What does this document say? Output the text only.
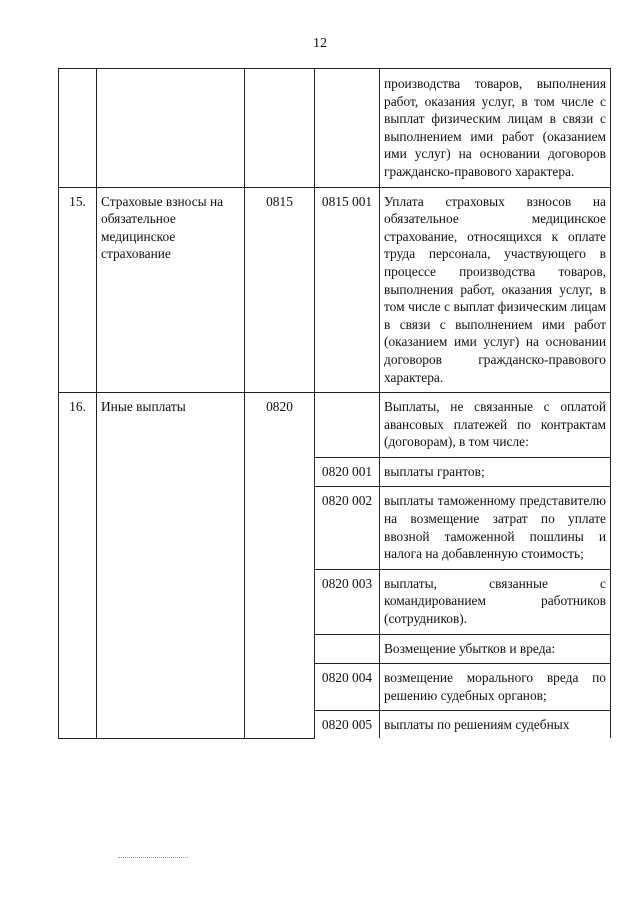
12
				производства товаров, выполнения работ, оказания услуг, в том числе с выплат физическим лицам в связи с выполнением ими работ (оказанием ими услуг) на основании договоров гражданско-правового характера.
15.	Страховые взносы на обязательное медицинское страхование	0815	0815 001	Уплата страховых взносов на обязательное медицинское страхование, относящихся к оплате труда персонала, участвующего в процессе производства товаров, выполнения работ, оказания услуг, в том числе с выплат физическим лицам в связи с выполнением ими работ (оказанием ими услуг) на основании договоров гражданско-правового характера.
16.	Иные выплаты	0820		Выплаты, не связанные с оплатой авансовых платежей по контрактам (договорам), в том числе:
			0820 001	выплаты грантов;
			0820 002	выплаты таможенному представителю на возмещение затрат по уплате ввозной таможенной пошлины и налога на добавленную стоимость;
			0820 003	выплаты, связанные с командированием работников (сотрудников).
				Возмещение убытков и вреда:
			0820 004	возмещение морального вреда по решению судебных органов;
			0820 005	выплаты по решениям судебных
